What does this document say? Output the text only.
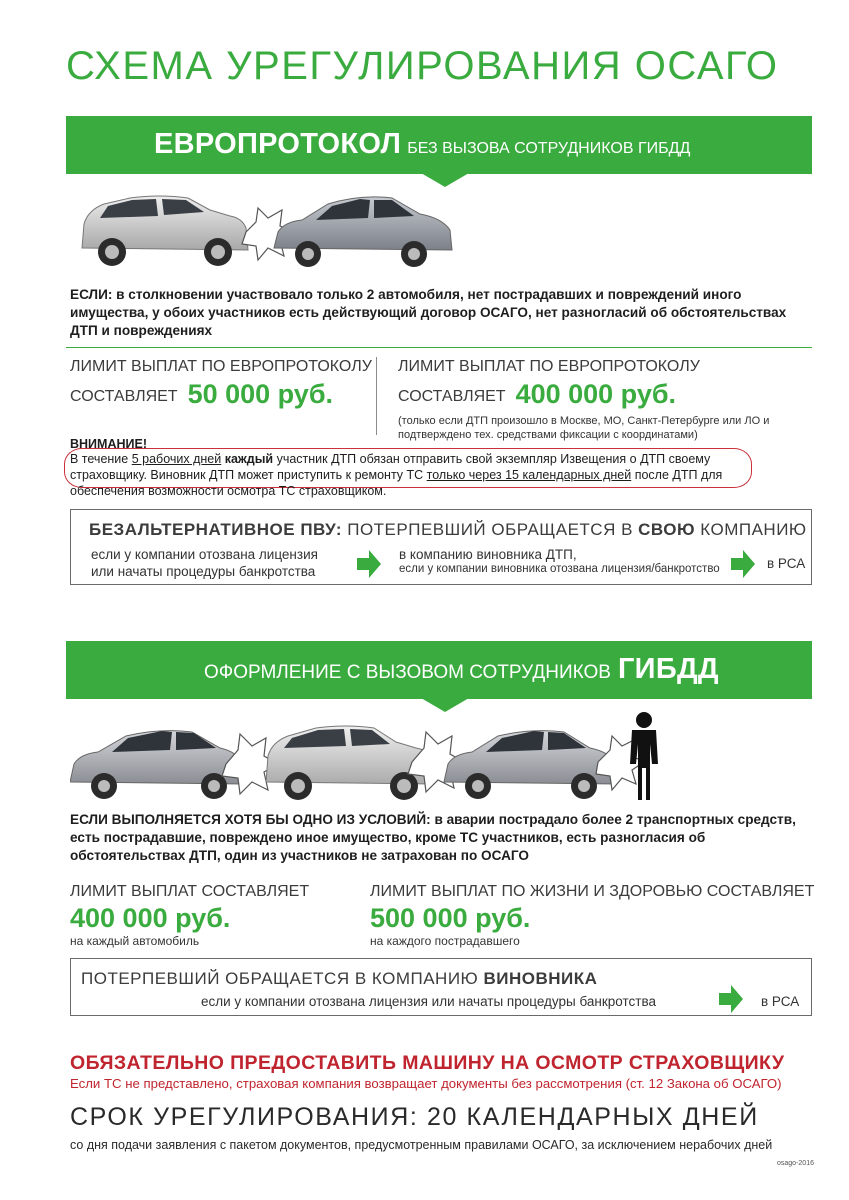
СХЕМА УРЕГУЛИРОВАНИЯ ОСАГО
ЕВРОПРОТОКОЛ БЕЗ ВЫЗОВА СОТРУДНИКОВ ГИБДД
ЕСЛИ: в столкновении участвовало только 2 автомобиля, нет пострадавших и повреждений иного имущества, у обоих участников есть действующий договор ОСАГО, нет разногласий об обстоятельствах ДТП и повреждениях
ЛИМИТ ВЫПЛАТ ПО ЕВРОПРОТОКОЛУ
СОСТАВЛЯЕТ 50 000 руб.
ЛИМИТ ВЫПЛАТ ПО ЕВРОПРОТОКОЛУ
СОСТАВЛЯЕТ 400 000 руб.
(только если ДТП произошло в Москве, МО, Санкт-Петербурге или ЛО и подтверждено тех. средствами фиксации с координатами)
ВНИМАНИЕ!
В течение 5 рабочих дней каждый участник ДТП обязан отправить свой экземпляр Извещения о ДТП своему страховщику. Виновник ДТП может приступить к ремонту ТС только через 15 календарных дней после ДТП для обеспечения возможности осмотра ТС страховщиком.
БЕЗАЛЬТЕРНАТИВНОЕ ПВУ: ПОТЕРПЕВШИЙ ОБРАЩАЕТСЯ В СВОЮ КОМПАНИЮ
если у компании отозвана лицензия
или начаты процедуры банкротства
в компанию виновника ДТП,
если у компании виновника отозвана лицензия/банкротство	в РСА
ОФОРМЛЕНИЕ С ВЫЗОВОМ СОТРУДНИКОВ ГИБДД
ЕСЛИ ВЫПОЛНЯЕТСЯ ХОТЯ БЫ ОДНО ИЗ УСЛОВИЙ: в аварии пострадало более 2 транспортных средств, есть пострадавшие, повреждено иное имущество, кроме ТС участников, есть разногласия об обстоятельствах ДТП, один из участников не затрахован по ОСАГО
ЛИМИТ ВЫПЛАТ СОСТАВЛЯЕТ
400 000 руб.
на каждый автомобиль
ЛИМИТ ВЫПЛАТ ПО ЖИЗНИ И ЗДОРОВЬЮ СОСТАВЛЯЕТ
500 000 руб.
на каждого пострадавшего
ПОТЕРПЕВШИЙ ОБРАЩАЕТСЯ В КОМПАНИЮ ВИНОВНИКА
если у компании отозвана лицензия или начаты процедуры банкротства	в РСА
ОБЯЗАТЕЛЬНО ПРЕДОСТАВИТЬ МАШИНУ НА ОСМОТР СТРАХОВЩИКУ
Если ТС не представлено, страховая компания возвращает документы без рассмотрения (ст. 12 Закона об ОСАГО)
СРОК УРЕГУЛИРОВАНИЯ: 20 КАЛЕНДАРНЫХ ДНЕЙ
со дня подачи заявления с пакетом документов, предусмотренным правилами ОСАГО, за исключением нерабочих дней
osago-2016
